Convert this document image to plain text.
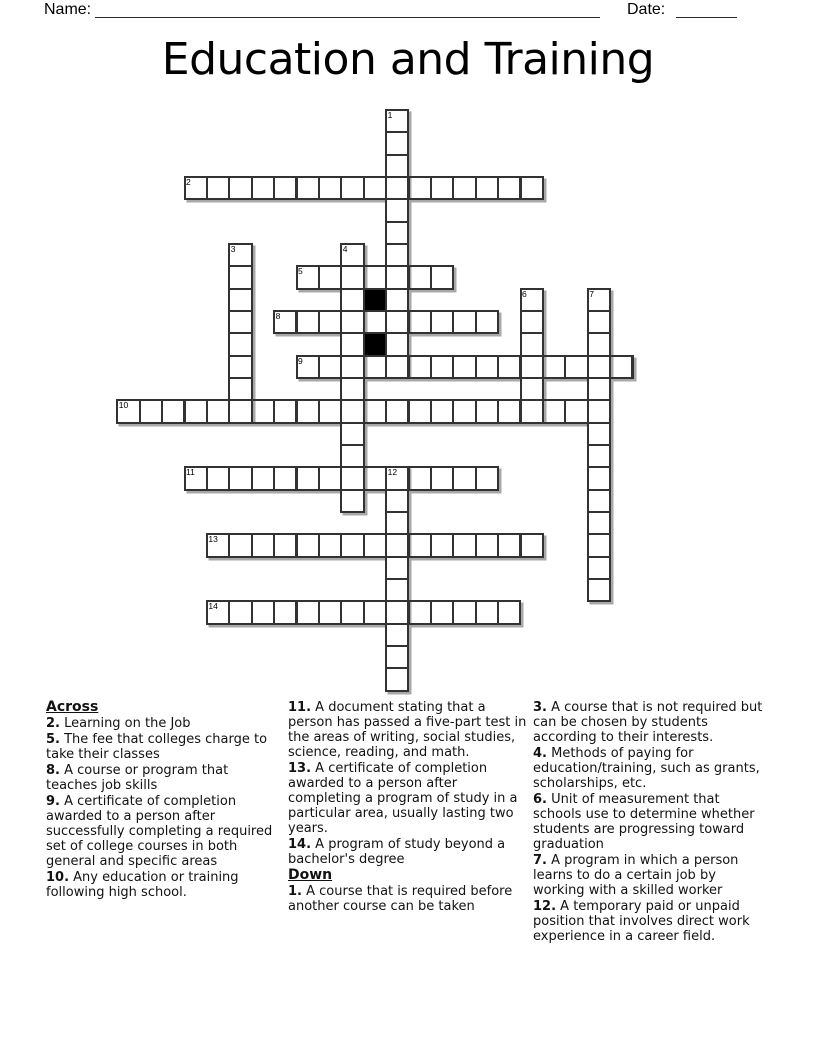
Name:	Date:
Education and Training
2
5
8
9
10
11
13
14
1
3	4
6	7
12
Across
2. Learning on the Job
5. The fee that colleges charge to take their classes
8. A course or program that teaches job skills
9. A certificate of completion awarded to a person after successfully completing a required set of college courses in both general and specific areas
10. Any education or training following high school.
11. A document stating that a person has passed a five-part test in the areas of writing, social studies, science, reading, and math.
13. A certificate of completion awarded to a person after completing a program of study in a particular area, usually lasting two years.
14. A program of study beyond a bachelor's degree
Down
1. A course that is required before another course can be taken
3. A course that is not required but can be chosen by students according to their interests.
4. Methods of paying for education/training, such as grants, scholarships, etc.
6. Unit of measurement that schools use to determine whether students are progressing toward graduation
7. A program in which a person learns to do a certain job by working with a skilled worker
12. A temporary paid or unpaid position that involves direct work experience in a career field.
